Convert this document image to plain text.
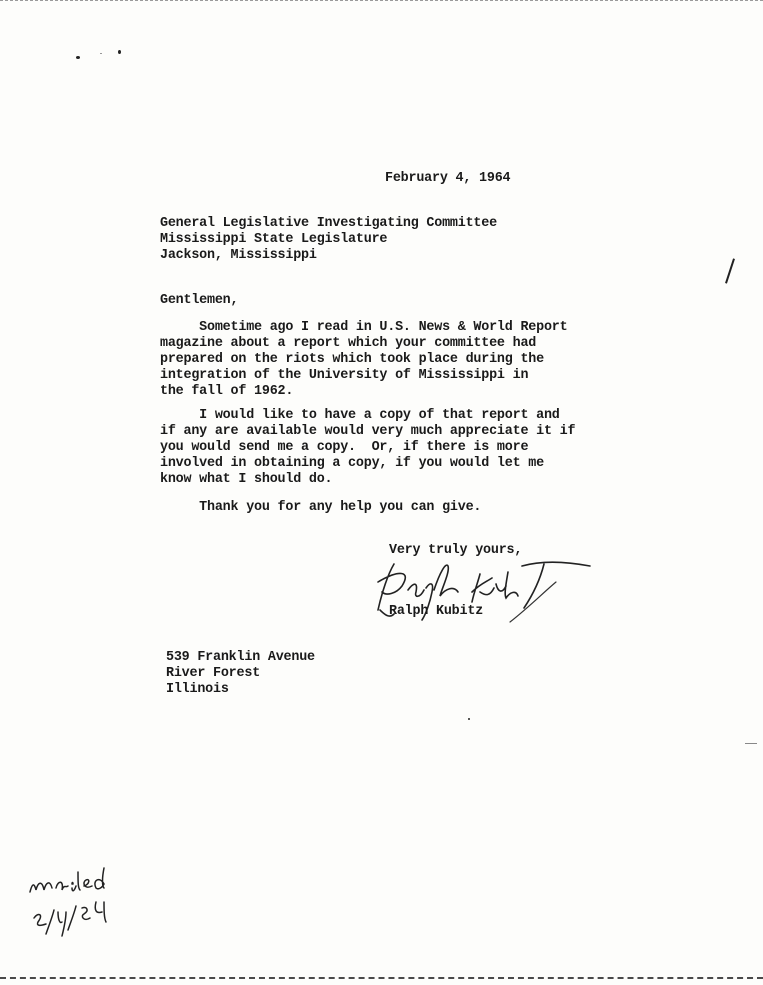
February 4, 1964
General Legislative Investigating Committee
Mississippi State Legislature
Jackson, Mississippi
Gentlemen,
Sometime ago I read in U.S. News & World Report
magazine about a report which your committee had
prepared on the riots which took place during the
integration of the University of Mississippi in
the fall of 1962.
I would like to have a copy of that report and
if any are available would very much appreciate it if
you would send me a copy.  Or, if there is more
involved in obtaining a copy, if you would let me
know what I should do.
Thank you for any help you can give.
Very truly yours,
Ralph Kubitz
539 Franklin Avenue
River Forest
Illinois
